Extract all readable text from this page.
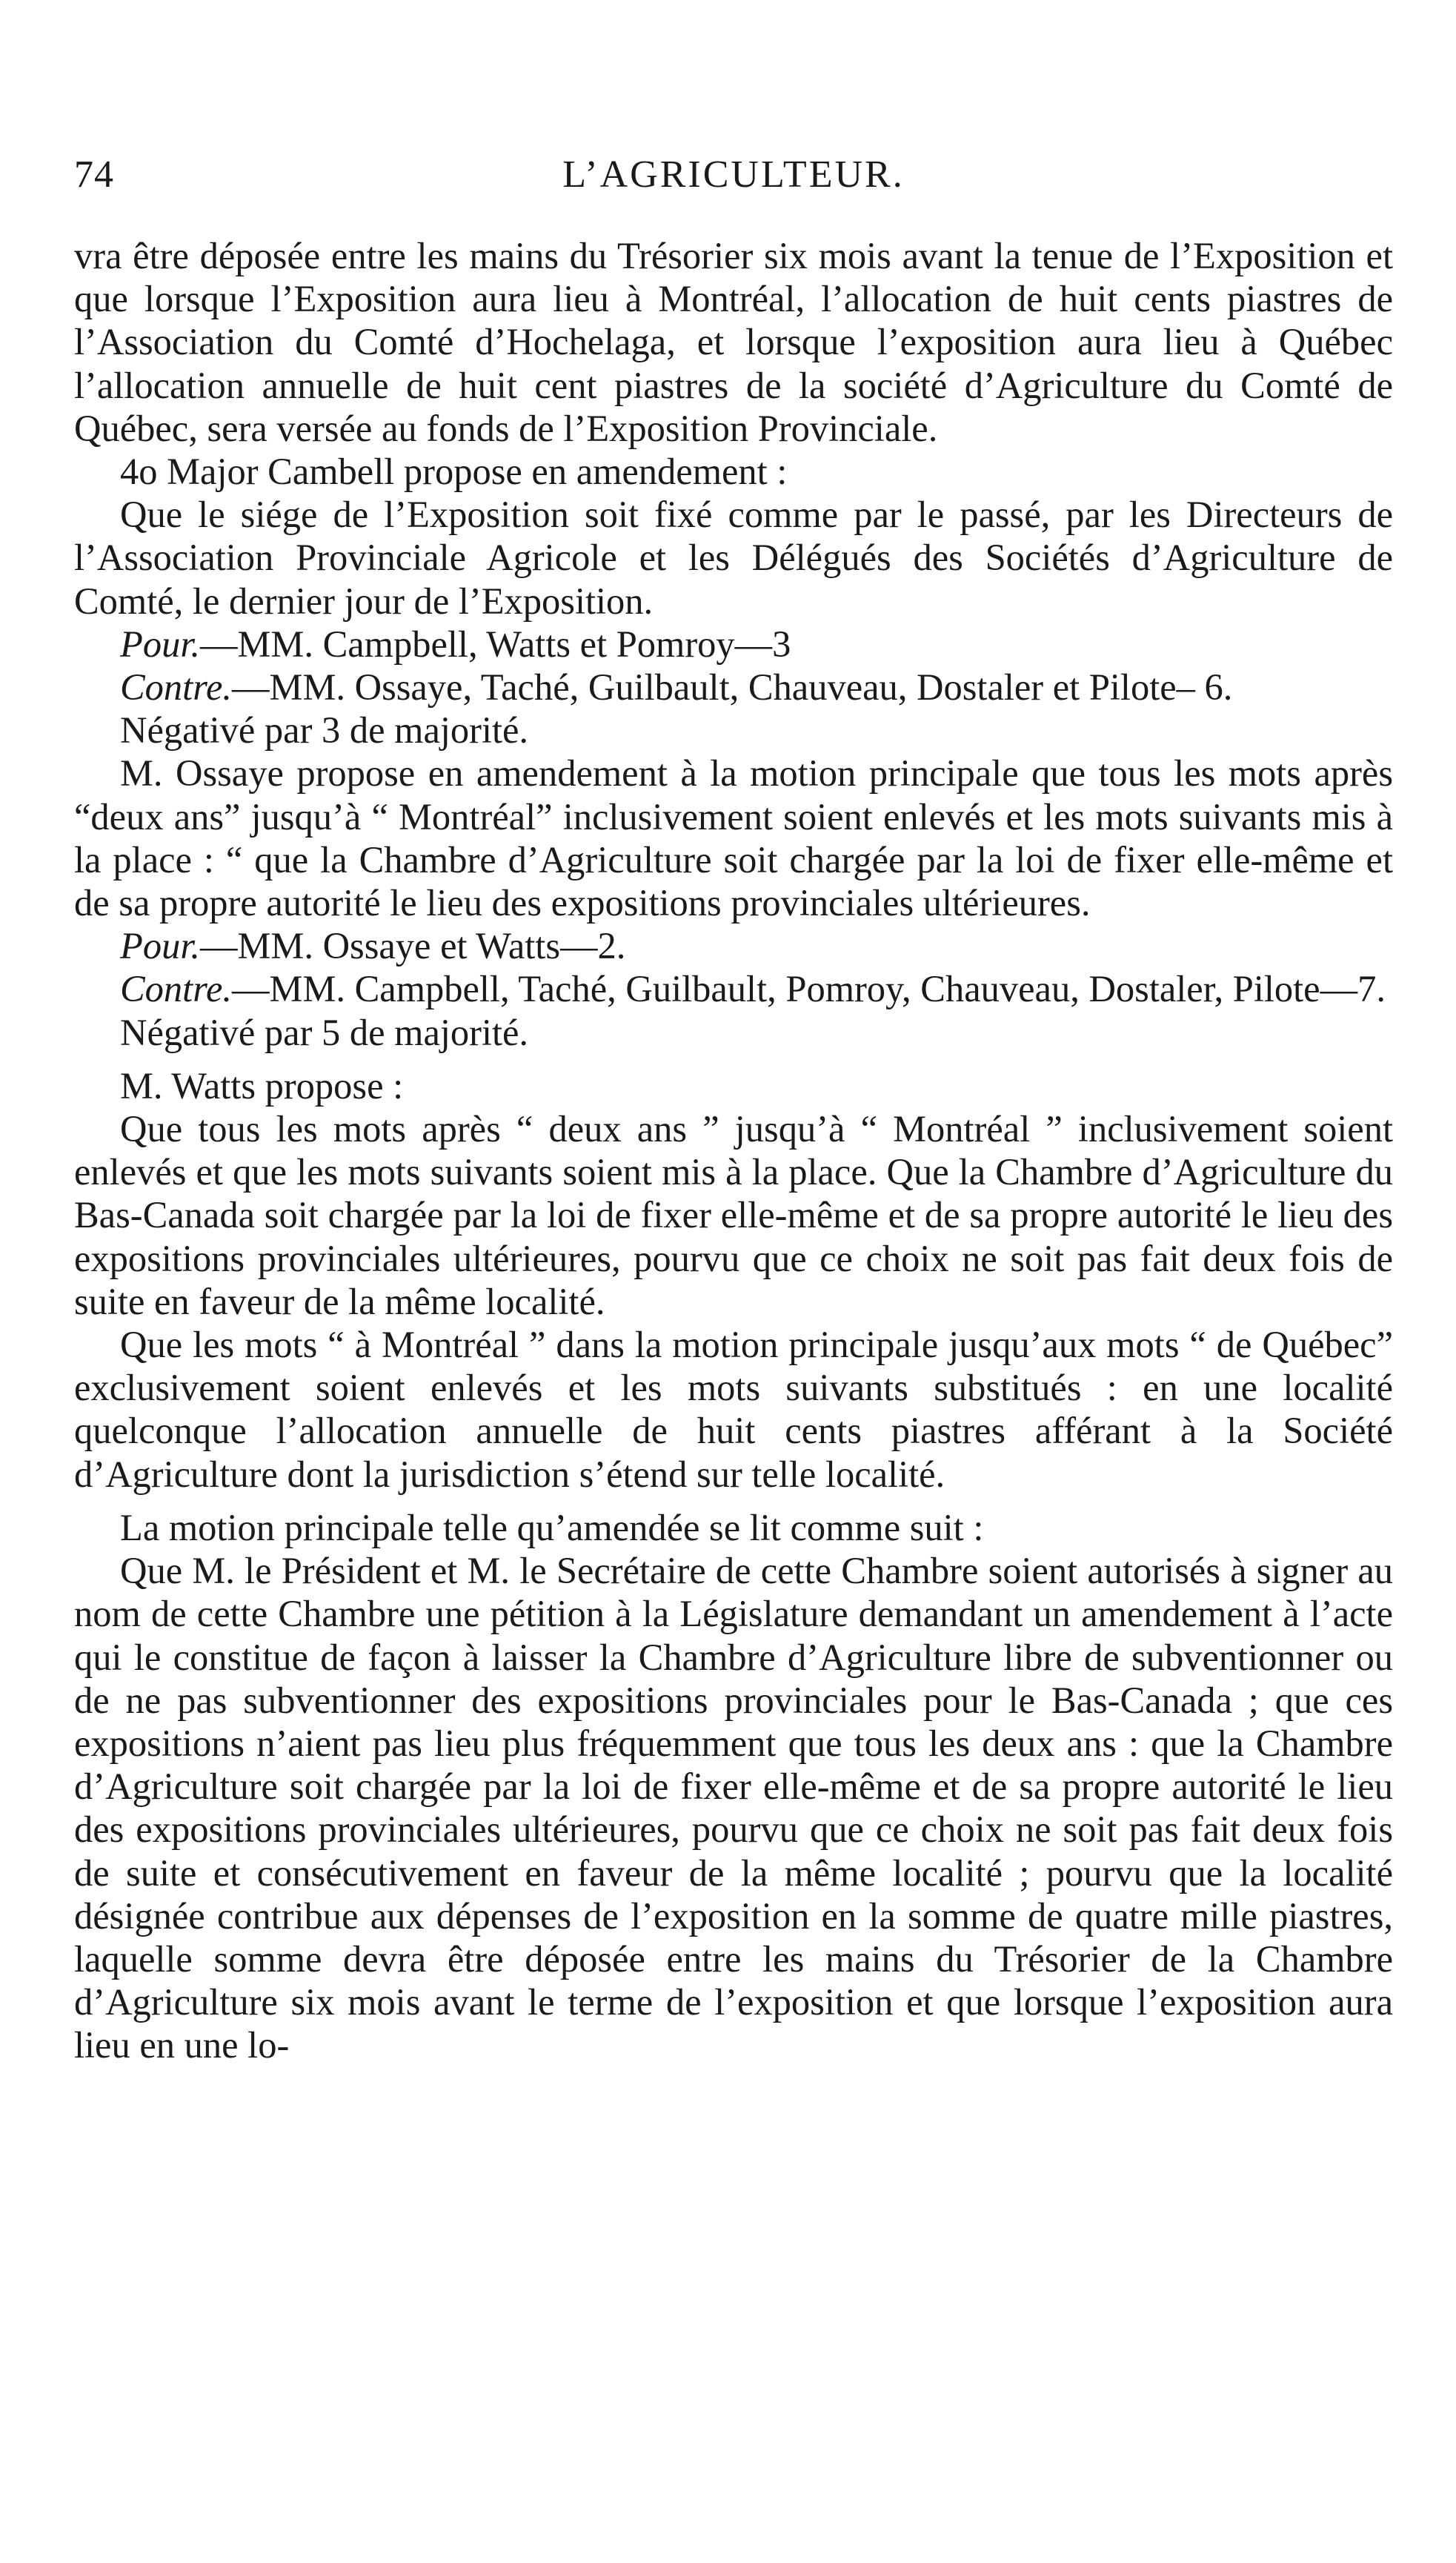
L’AGRICULTEUR.
74

vra être déposée entre les mains du Trésorier six mois avant la tenue de l’Exposition et que lorsque l’Exposition aura lieu à Montréal, l’allocation de huit cents piastres de l’Association du Comté d’Hochelaga, et lorsque l’exposition aura lieu à Québec l’allocation annuelle de huit cent piastres de la société d’Agriculture du Comté de Québec, sera versée au fonds de l’Exposition Provinciale.

4o Major Cambell propose en amendement :

Que le siége de l’Exposition soit fixé comme par le passé, par les Directeurs de l’Association Provinciale Agricole et les Délégués des Sociétés d’Agriculture de Comté, le dernier jour de l’Exposition.

Pour.—MM. Campbell, Watts et Pomroy—3

Contre.—MM. Ossaye, Taché, Guilbault, Chauveau, Dostaler et Pilote– 6.

Négativé par 3 de majorité.

M. Ossaye propose en amendement à la motion principale que tous les mots après “deux ans” jusqu’à “ Montréal” inclusivement soient enlevés et les mots suivants mis à la place : “ que la Chambre d’Agriculture soit chargée par la loi de fixer elle-même et de sa propre autorité le lieu des expositions provinciales ultérieures.

Pour.—MM. Ossaye et Watts—2.

Contre.—MM. Campbell, Taché, Guilbault, Pomroy, Chauveau, Dostaler, Pilote—7.

Négativé par 5 de majorité.

M. Watts propose :

Que tous les mots après “ deux ans ” jusqu’à “ Montréal ” inclusivement soient enlevés et que les mots suivants soient mis à la place. Que la Chambre d’Agriculture du Bas-Canada soit chargée par la loi de fixer elle-même et de sa propre autorité le lieu des expositions provinciales ultérieures, pourvu que ce choix ne soit pas fait deux fois de suite en faveur de la même localité.

Que les mots “ à Montréal ” dans la motion principale jusqu’aux mots “ de Québec” exclusivement soient enlevés et les mots suivants substitués : en une localité quelconque l’allocation annuelle de huit cents piastres afférant à la Société d’Agriculture dont la jurisdiction s’étend sur telle localité.

La motion principale telle qu’amendée se lit comme suit :

Que M. le Président et M. le Secrétaire de cette Chambre soient autorisés à signer au nom de cette Chambre une pétition à la Législature demandant un amendement à l’acte qui le constitue de façon à laisser la Chambre d’Agriculture libre de subventionner ou de ne pas subventionner des expositions provinciales pour le Bas-Canada ; que ces expositions n’aient pas lieu plus fréquemment que tous les deux ans : que la Chambre d’Agriculture soit chargée par la loi de fixer elle-même et de sa propre autorité le lieu des expositions provinciales ultérieures, pourvu que ce choix ne soit pas fait deux fois de suite et consécutivement en faveur de la même localité ; pourvu que la localité désignée contribue aux dépenses de l’exposition en la somme de quatre mille piastres, laquelle somme devra être déposée entre les mains du Trésorier de la Chambre d’Agriculture six mois avant le terme de l’exposition et que lorsque l’exposition aura lieu en une lo-
